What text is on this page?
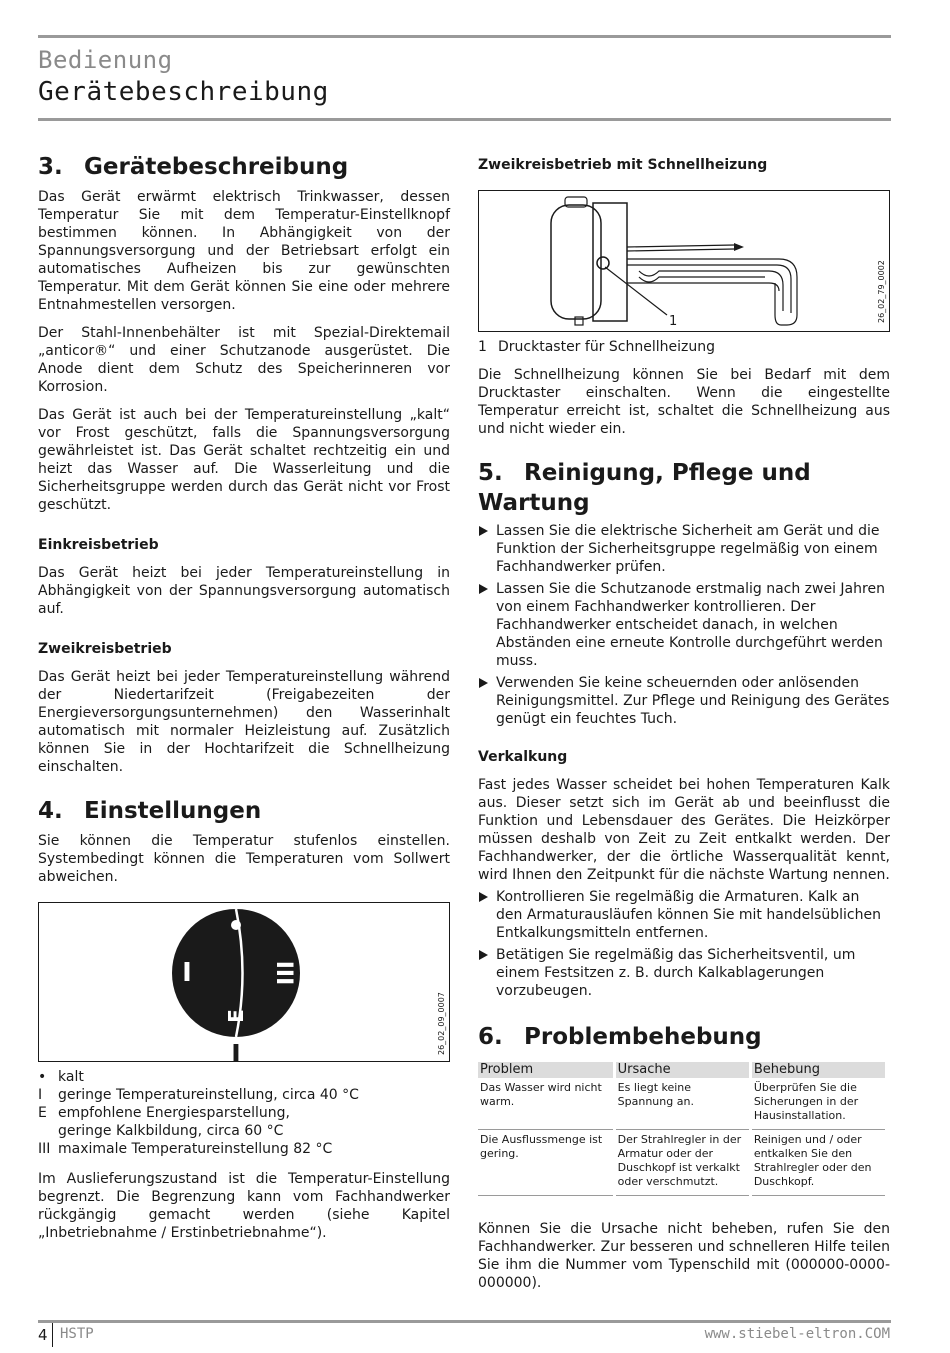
Bedienung
Gerätebeschreibung
3. Gerätebeschreibung

Das Gerät erwärmt elektrisch Trinkwasser, dessen Temperatur Sie mit dem Temperatur-Einstellknopf bestimmen können. In Abhängigkeit von der Spannungsversorgung und der Betriebsart erfolgt ein automatisches Aufheizen bis zur gewünschten Temperatur. Mit dem Gerät können Sie eine oder mehrere Entnahmestellen versorgen.

Der Stahl-Innenbehälter ist mit Spezial-Direktemail „anticor®“ und einer Schutzanode ausgerüstet. Die Anode dient dem Schutz des Speicherinneren vor Korrosion.

Das Gerät ist auch bei der Temperatureinstellung „kalt“ vor Frost geschützt, falls die Spannungsversorgung gewährleistet ist. Das Gerät schaltet rechtzeitig ein und heizt das Wasser auf. Die Wasserleitung und die Sicherheitsgruppe werden durch das Gerät nicht vor Frost geschützt.

Einkreisbetrieb

Das Gerät heizt bei jeder Temperatureinstellung in Abhängigkeit von der Spannungsversorgung automatisch auf.

Zweikreisbetrieb

Das Gerät heizt bei jeder Temperatureinstellung während der Niedertarifzeit (Freigabezeiten der Energieversorgungsunternehmen) den Wasserinhalt automatisch mit normaler Heizleistung auf. Zusätzlich können Sie in der Hochtarifzeit die Schnellheizung einschalten.

4. Einstellungen

Sie können die Temperatur stufenlos einstellen. Systembedingt können die Temperaturen vom Sollwert abweichen.

I	III
E
I	26_02_09_0007
• kalt
I	geringe Temperatureinstellung, circa 40 °C
E empfohlene Energiesparstellung,
geringe Kalkbildung, circa 60 °C
III maximale Temperatureinstellung 82 °C

Im Auslieferungszustand ist die Temperatur-Einstellung begrenzt. Die Begrenzung kann vom Fachhandwerker rückgängig gemacht werden (siehe Kapitel „Inbetriebnahme / Erstinbetriebnahme“).

Zweikreisbetrieb mit Schnellheizung
1	26_02_79_0002
1 Drucktaster für Schnellheizung

Die Schnellheizung können Sie bei Bedarf mit dem Drucktaster einschalten. Wenn die eingestellte Temperatur erreicht ist, schaltet die Schnellheizung aus und nicht wieder ein.

5. Reinigung, Pflege und Wartung
Lassen Sie die elektrische Sicherheit am Gerät und die Funktion der Sicherheitsgruppe regelmäßig von einem Fachhandwerker prüfen.
Lassen Sie die Schutzanode erstmalig nach zwei Jahren von einem Fachhandwerker kontrollieren. Der Fachhandwerker entscheidet danach, in welchen Abständen eine erneute Kontrolle durchgeführt werden muss.
Verwenden Sie keine scheuernden oder anlösenden Reinigungsmittel. Zur Pflege und Reinigung des Gerätes genügt ein feuchtes Tuch.
Verkalkung

Fast jedes Wasser scheidet bei hohen Temperaturen Kalk aus. Dieser setzt sich im Gerät ab und beeinflusst die Funktion und Lebensdauer des Gerätes. Die Heizkörper müssen deshalb von Zeit zu Zeit entkalkt werden. Der Fachhandwerker, der die örtliche Wasserqualität kennt, wird Ihnen den Zeitpunkt für die nächste Wartung nennen.

Kontrollieren Sie regelmäßig die Armaturen. Kalk an den Armaturausläufen können Sie mit handelsüblichen Entkalkungsmitteln entfernen.
Betätigen Sie regelmäßig das Sicherheitsventil, um einem Festsitzen z. B. durch Kalkablagerungen vorzubeugen.
6. Problembehebung
Problem	Ursache	Behebung
Das Wasser wird nicht warm.	Es liegt keine Spannung an.	Überprüfen Sie die Sicherungen in der Hausinstallation.
Die Ausflussmenge ist gering.	Der Strahlregler in der Armatur oder der Duschkopf ist verkalkt oder verschmutzt.	Reinigen und / oder entkalken Sie den Strahlregler oder den Duschkopf.

Können Sie die Ursache nicht beheben, rufen Sie den Fachhandwerker. Zur besseren und schnelleren Hilfe teilen Sie ihm die Nummer vom Typenschild mit (000000-0000-000000).

4 HSTP	www.stiebel-eltron.COM
